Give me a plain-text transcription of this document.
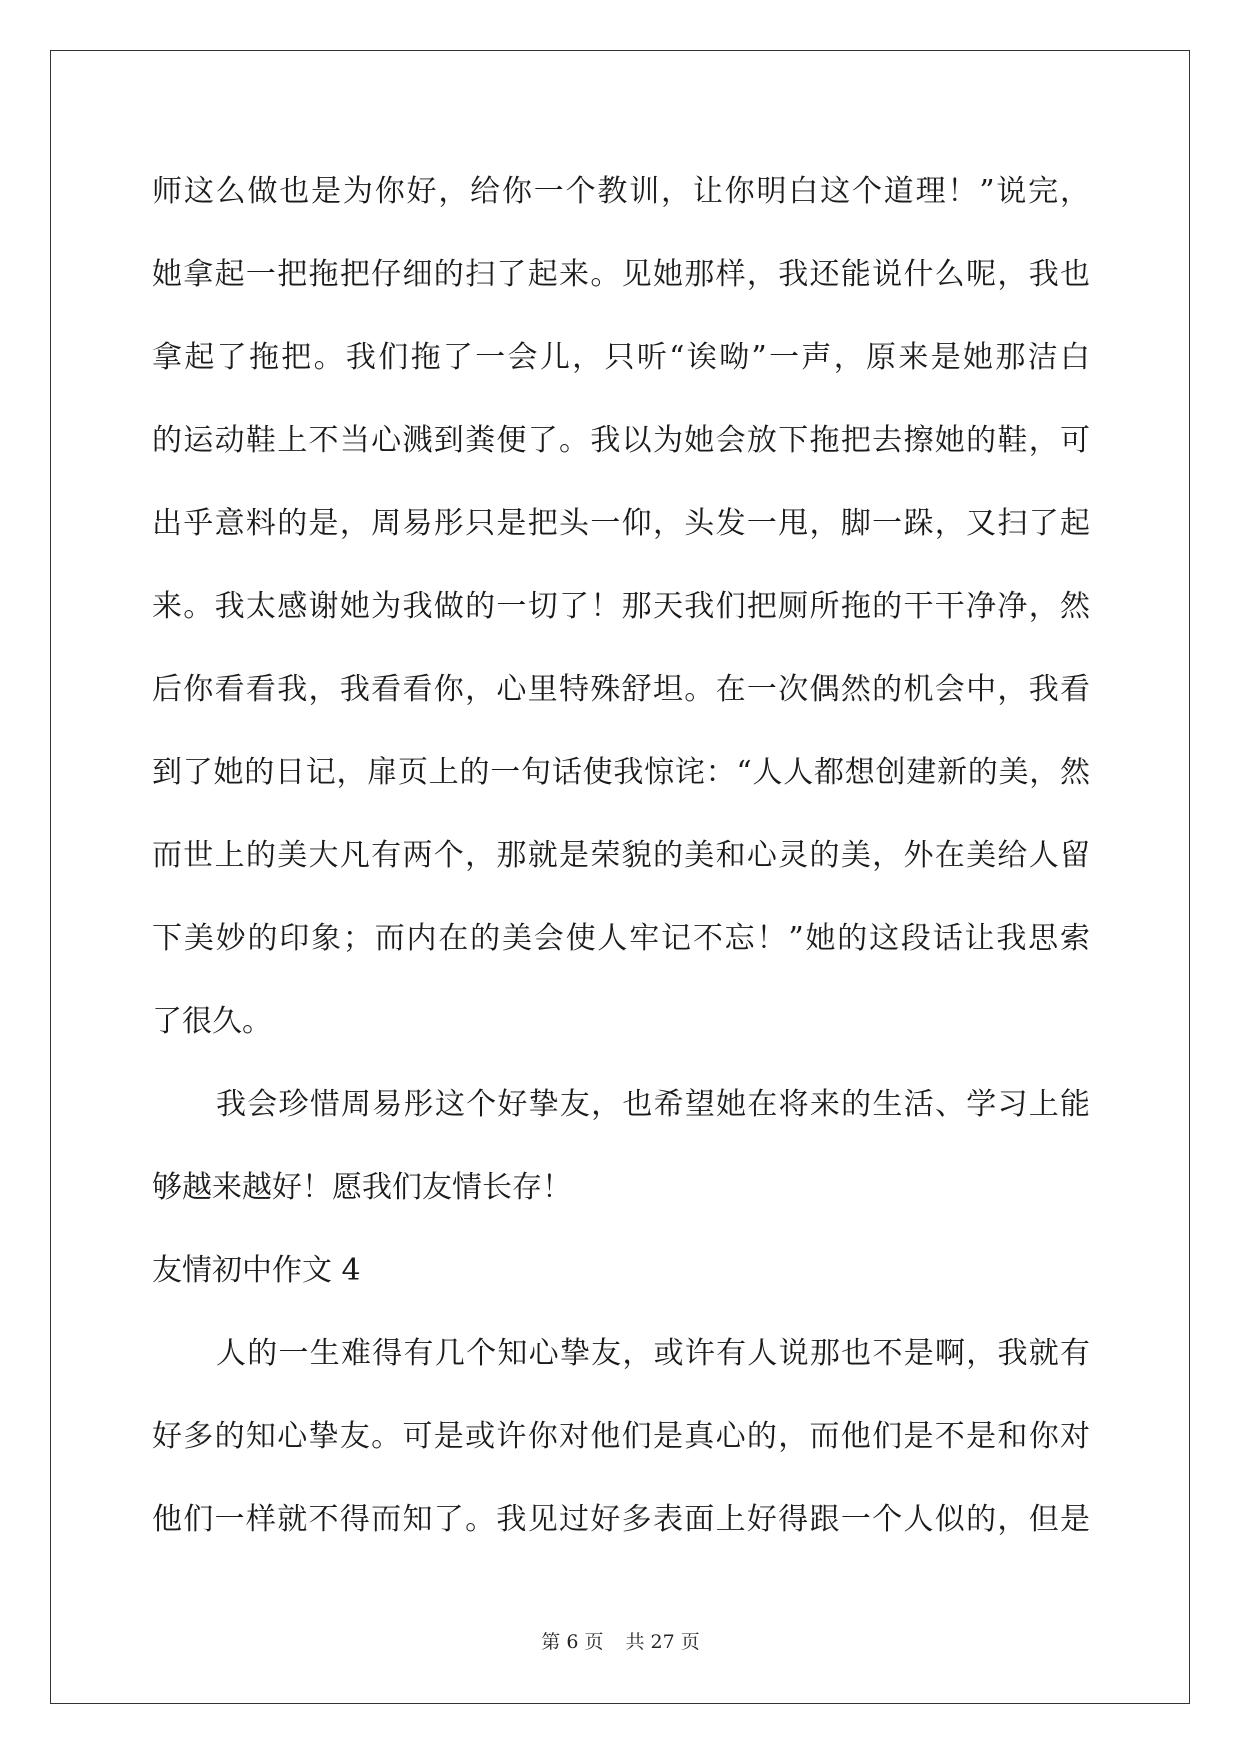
师这么做也是为你好，给你一个教训，让你明白这个道理！”说完，
她拿起一把拖把仔细的扫了起来。见她那样，我还能说什么呢，我也
拿起了拖把。我们拖了一会儿，只听“诶呦”一声，原来是她那洁白
的运动鞋上不当心溅到粪便了。我以为她会放下拖把去擦她的鞋，可
出乎意料的是，周易彤只是把头一仰，头发一甩，脚一跺，又扫了起
来。我太感谢她为我做的一切了！那天我们把厕所拖的干干净净，然
后你看看我，我看看你，心里特殊舒坦。在一次偶然的机会中，我看
到了她的日记，扉页上的一句话使我惊诧：“人人都想创建新的美，然
而世上的美大凡有两个，那就是荣貌的美和心灵的美，外在美给人留
下美妙的印象；而内在的美会使人牢记不忘！”她的这段话让我思索
了很久。
我会珍惜周易彤这个好挚友，也希望她在将来的生活、学习上能
够越来越好！愿我们友情长存！
友情初中作文 4
人的一生难得有几个知心挚友，或许有人说那也不是啊，我就有
好多的知心挚友。可是或许你对他们是真心的，而他们是不是和你对
他们一样就不得而知了。我见过好多表面上好得跟一个人似的，但是
第 6 页 共 27 页
